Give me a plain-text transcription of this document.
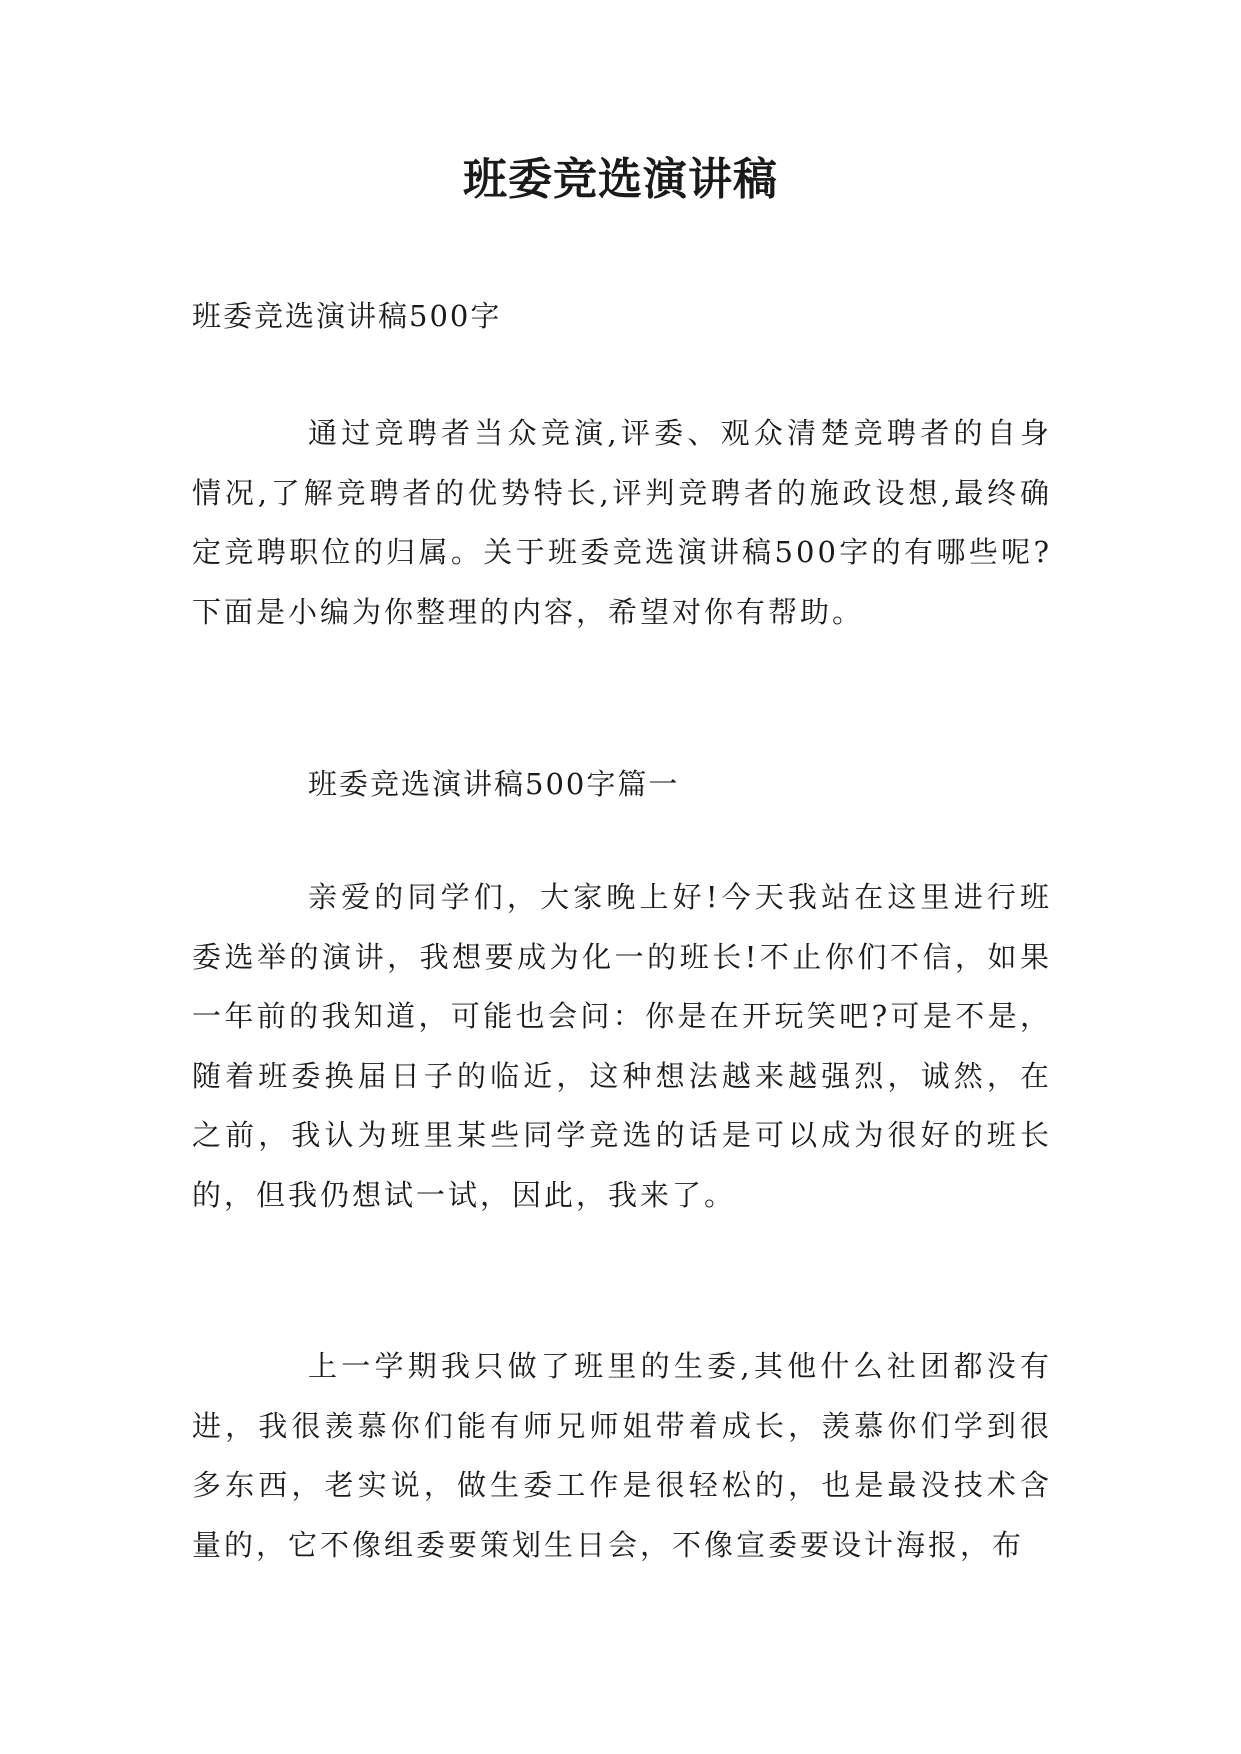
班委竞选演讲稿
班委竞选演讲稿500字

通过竞聘者当众竞演,评委、观众清楚竞聘者的自身情况,了解竞聘者的优势特长,评判竞聘者的施政设想,最终确定竞聘职位的归属。关于班委竞选演讲稿500字的有哪些呢?下面是小编为你整理的内容，希望对你有帮助。

班委竞选演讲稿500字篇一

亲爱的同学们，大家晚上好!今天我站在这里进行班委选举的演讲，我想要成为化一的班长!不止你们不信，如果一年前的我知道，可能也会问：你是在开玩笑吧?可是不是，随着班委换届日子的临近，这种想法越来越强烈，诚然，在之前，我认为班里某些同学竞选的话是可以成为很好的班长的，但我仍想试一试，因此，我来了。

上一学期我只做了班里的生委,其他什么社团都没有进，我很羡慕你们能有师兄师姐带着成长，羡慕你们学到很多东西，老实说，做生委工作是很轻松的，也是最没技术含量的，它不像组委要策划生日会，不像宣委要设计海报，布
